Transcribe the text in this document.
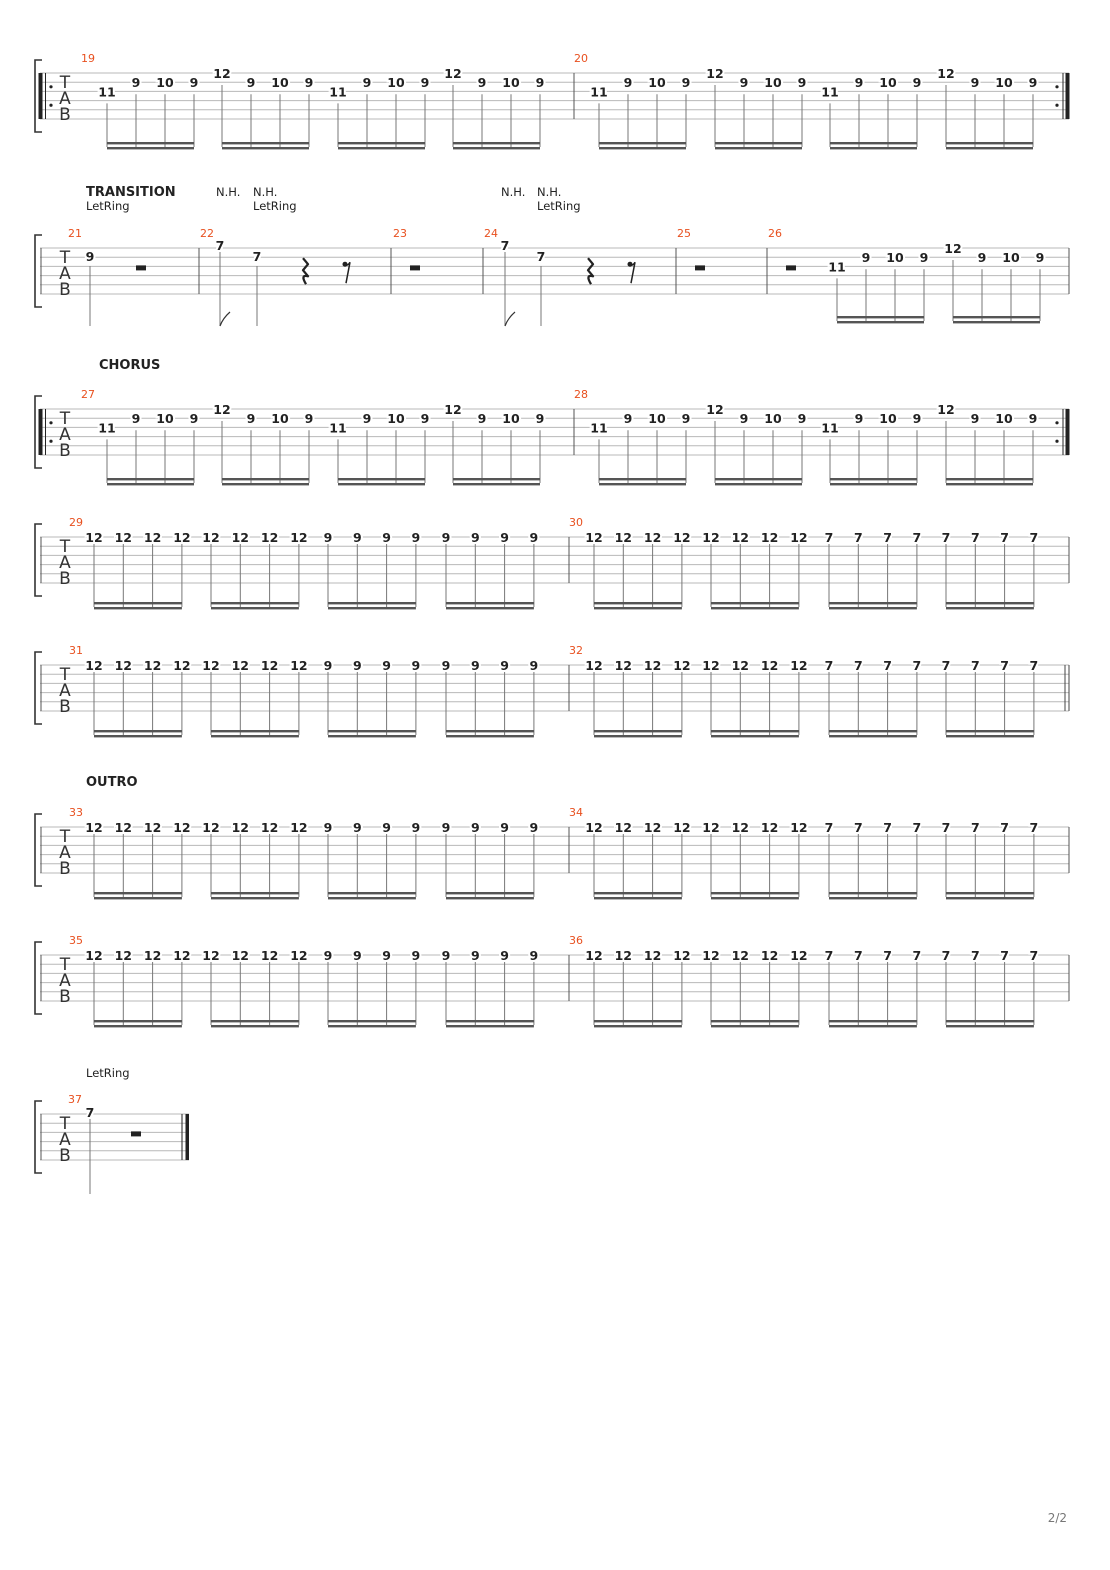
T
A
B
19	20
11
9 10 9
12
9 10 9
11
9 10 9
12
9 10 9
11
9 10 9
12
9 10 9
11
9 10 9
12
9 10 9
TRANSITION
LetRing
N.H. N.H.
LetRing
N.H. N.H.
LetRing
T
A
B
21	22	23	24	25	26
9
7
7
7
7
11
9 10 9
12
9 10 9
CHORUS
T
A
B
27	28
11
9 10 9
12
9 10 9
11
9 10 9
12
9 10 9
11
9 10 9
12
9 10 9
11
9 10 9
12
9 10 9
T
A
B
29	30
12 12 12 12 12 12 12 12 9 9 9 9 9 9 9 9	12 12 12 12 12 12 12 12 7 7 7 7 7 7 7 7
T
A
B
31	32
12 12 12 12 12 12 12 12 9 9 9 9 9 9 9 9	12 12 12 12 12 12 12 12 7 7 7 7 7 7 7 7
OUTRO
T
A
B
33	34
12 12 12 12 12 12 12 12 9 9 9 9 9 9 9 9	12 12 12 12 12 12 12 12 7 7 7 7 7 7 7 7
T
A
B
35	36
12 12 12 12 12 12 12 12 9 9 9 9 9 9 9 9	12 12 12 12 12 12 12 12 7 7 7 7 7 7 7 7
LetRing
T
A
B
37
7
2/2
